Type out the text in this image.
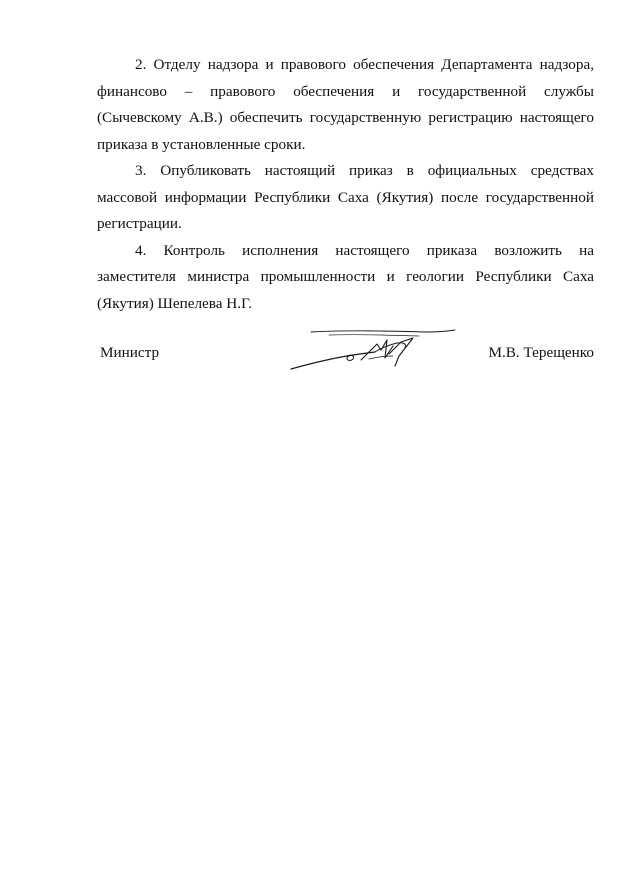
2. Отделу надзора и правового обеспечения Департамента надзора, финансово – правового обеспечения и государственной службы (Сычевскому А.В.) обеспечить государственную регистрацию настоящего приказа в установленные сроки.

3. Опубликовать настоящий приказ в официальных средствах массовой информации Республики Саха (Якутия) после государственной регистрации.

4. Контроль исполнения настоящего приказа возложить на заместителя министра промышленности и геологии Республики Саха (Якутия) Шепелева Н.Г.

Министр	М.В. Терещенко
